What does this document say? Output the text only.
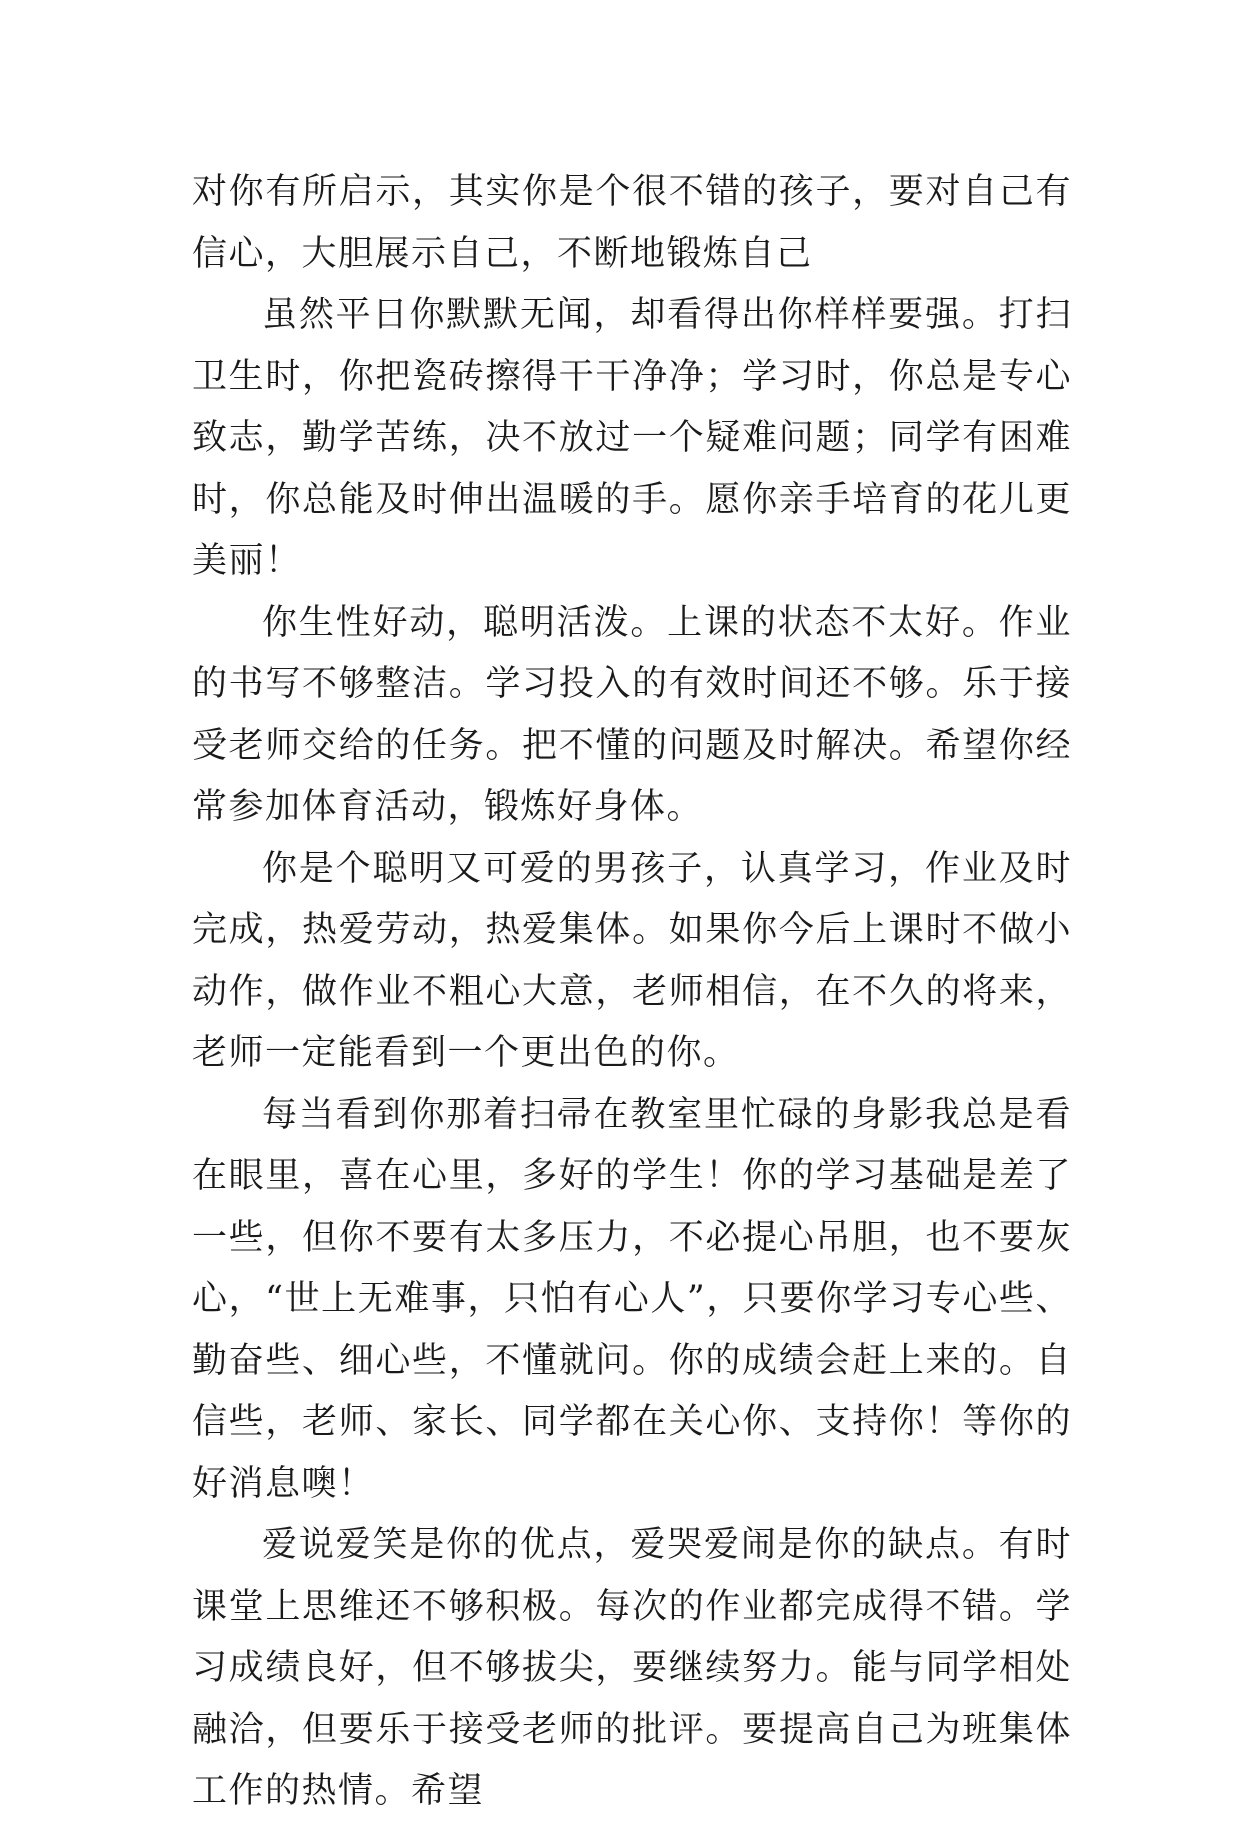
对你有所启示，其实你是个很不错的孩子，要对自己有信心，大胆展示自己，不断地锻炼自己

虽然平日你默默无闻，却看得出你样样要强。打扫卫生时，你把瓷砖擦得干干净净；学习时，你总是专心致志，勤学苦练，决不放过一个疑难问题；同学有困难时，你总能及时伸出温暖的手。愿你亲手培育的花儿更美丽！

你生性好动，聪明活泼。上课的状态不太好。作业的书写不够整洁。学习投入的有效时间还不够。乐于接受老师交给的任务。把不懂的问题及时解决。希望你经常参加体育活动，锻炼好身体。

你是个聪明又可爱的男孩子，认真学习，作业及时完成，热爱劳动，热爱集体。如果你今后上课时不做小动作，做作业不粗心大意，老师相信，在不久的将来，老师一定能看到一个更出色的你。

每当看到你那着扫帚在教室里忙碌的身影我总是看在眼里，喜在心里，多好的学生！你的学习基础是差了一些，但你不要有太多压力，不必提心吊胆，也不要灰心，“世上无难事，只怕有心人”，只要你学习专心些、勤奋些、细心些，不懂就问。你的成绩会赶上来的。自信些，老师、家长、同学都在关心你、支持你！等你的好消息噢！

爱说爱笑是你的优点，爱哭爱闹是你的缺点。有时课堂上思维还不够积极。每次的作业都完成得不错。学习成绩良好，但不够拔尖，要继续努力。能与同学相处融洽，但要乐于接受老师的批评。要提高自己为班集体工作的热情。希望
